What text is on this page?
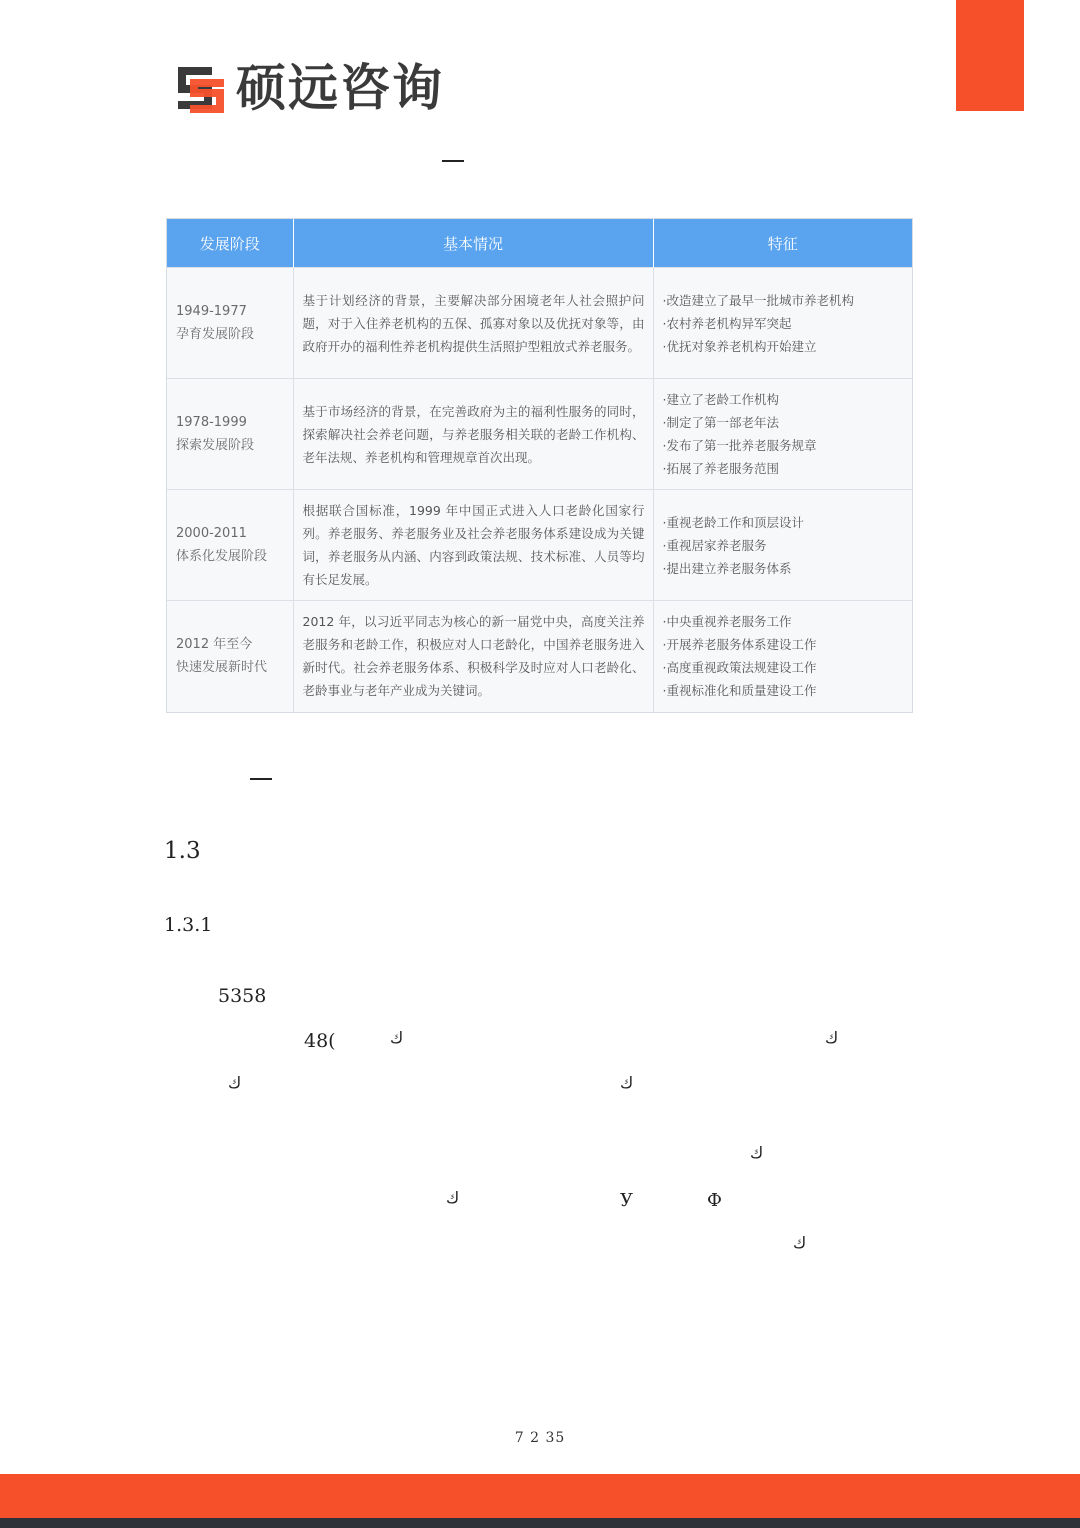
硕远咨询
发展阶段	基本情况	特征

1949-1977
孕育发展阶段	基于计划经济的背景，主要解决部分困境老年人社会照护问题，对于入住养老机构的五保、孤寡对象以及优抚对象等，由政府开办的福利性养老机构提供生活照护型粗放式养老服务。	·改造建立了最早一批城市养老机构
·农村养老机构异军突起
·优抚对象养老机构开始建立

1978-1999
探索发展阶段	基于市场经济的背景，在完善政府为主的福利性服务的同时，探索解决社会养老问题，与养老服务相关联的老龄工作机构、老年法规、养老机构和管理规章首次出现。	·建立了老龄工作机构
·制定了第一部老年法
·发布了第一批养老服务规章
·拓展了养老服务范围

2000-2011
体系化发展阶段	根据联合国标准，1999 年中国正式进入人口老龄化国家行列。养老服务、养老服务业及社会养老服务体系建设成为关键词，养老服务从内涵、内容到政策法规、技术标准、人员等均有长足发展。	·重视老龄工作和顶层设计
·重视居家养老服务
·提出建立养老服务体系

2012 年至今
快速发展新时代	2012 年，以习近平同志为核心的新一届党中央，高度关注养老服务和老龄工作，积极应对人口老龄化，中国养老服务进入新时代。社会养老服务体系、积极科学及时应对人口老龄化、老龄事业与老年产业成为关键词。	·中央重视养老服务工作
·开展养老服务体系建设工作
·高度重视政策法规建设工作
·重视标准化和质量建设工作
1.3
1.3.1
5358
48(	ك	ك
ك	ك
ك
ك	У	Ф
ك
7 2 35
